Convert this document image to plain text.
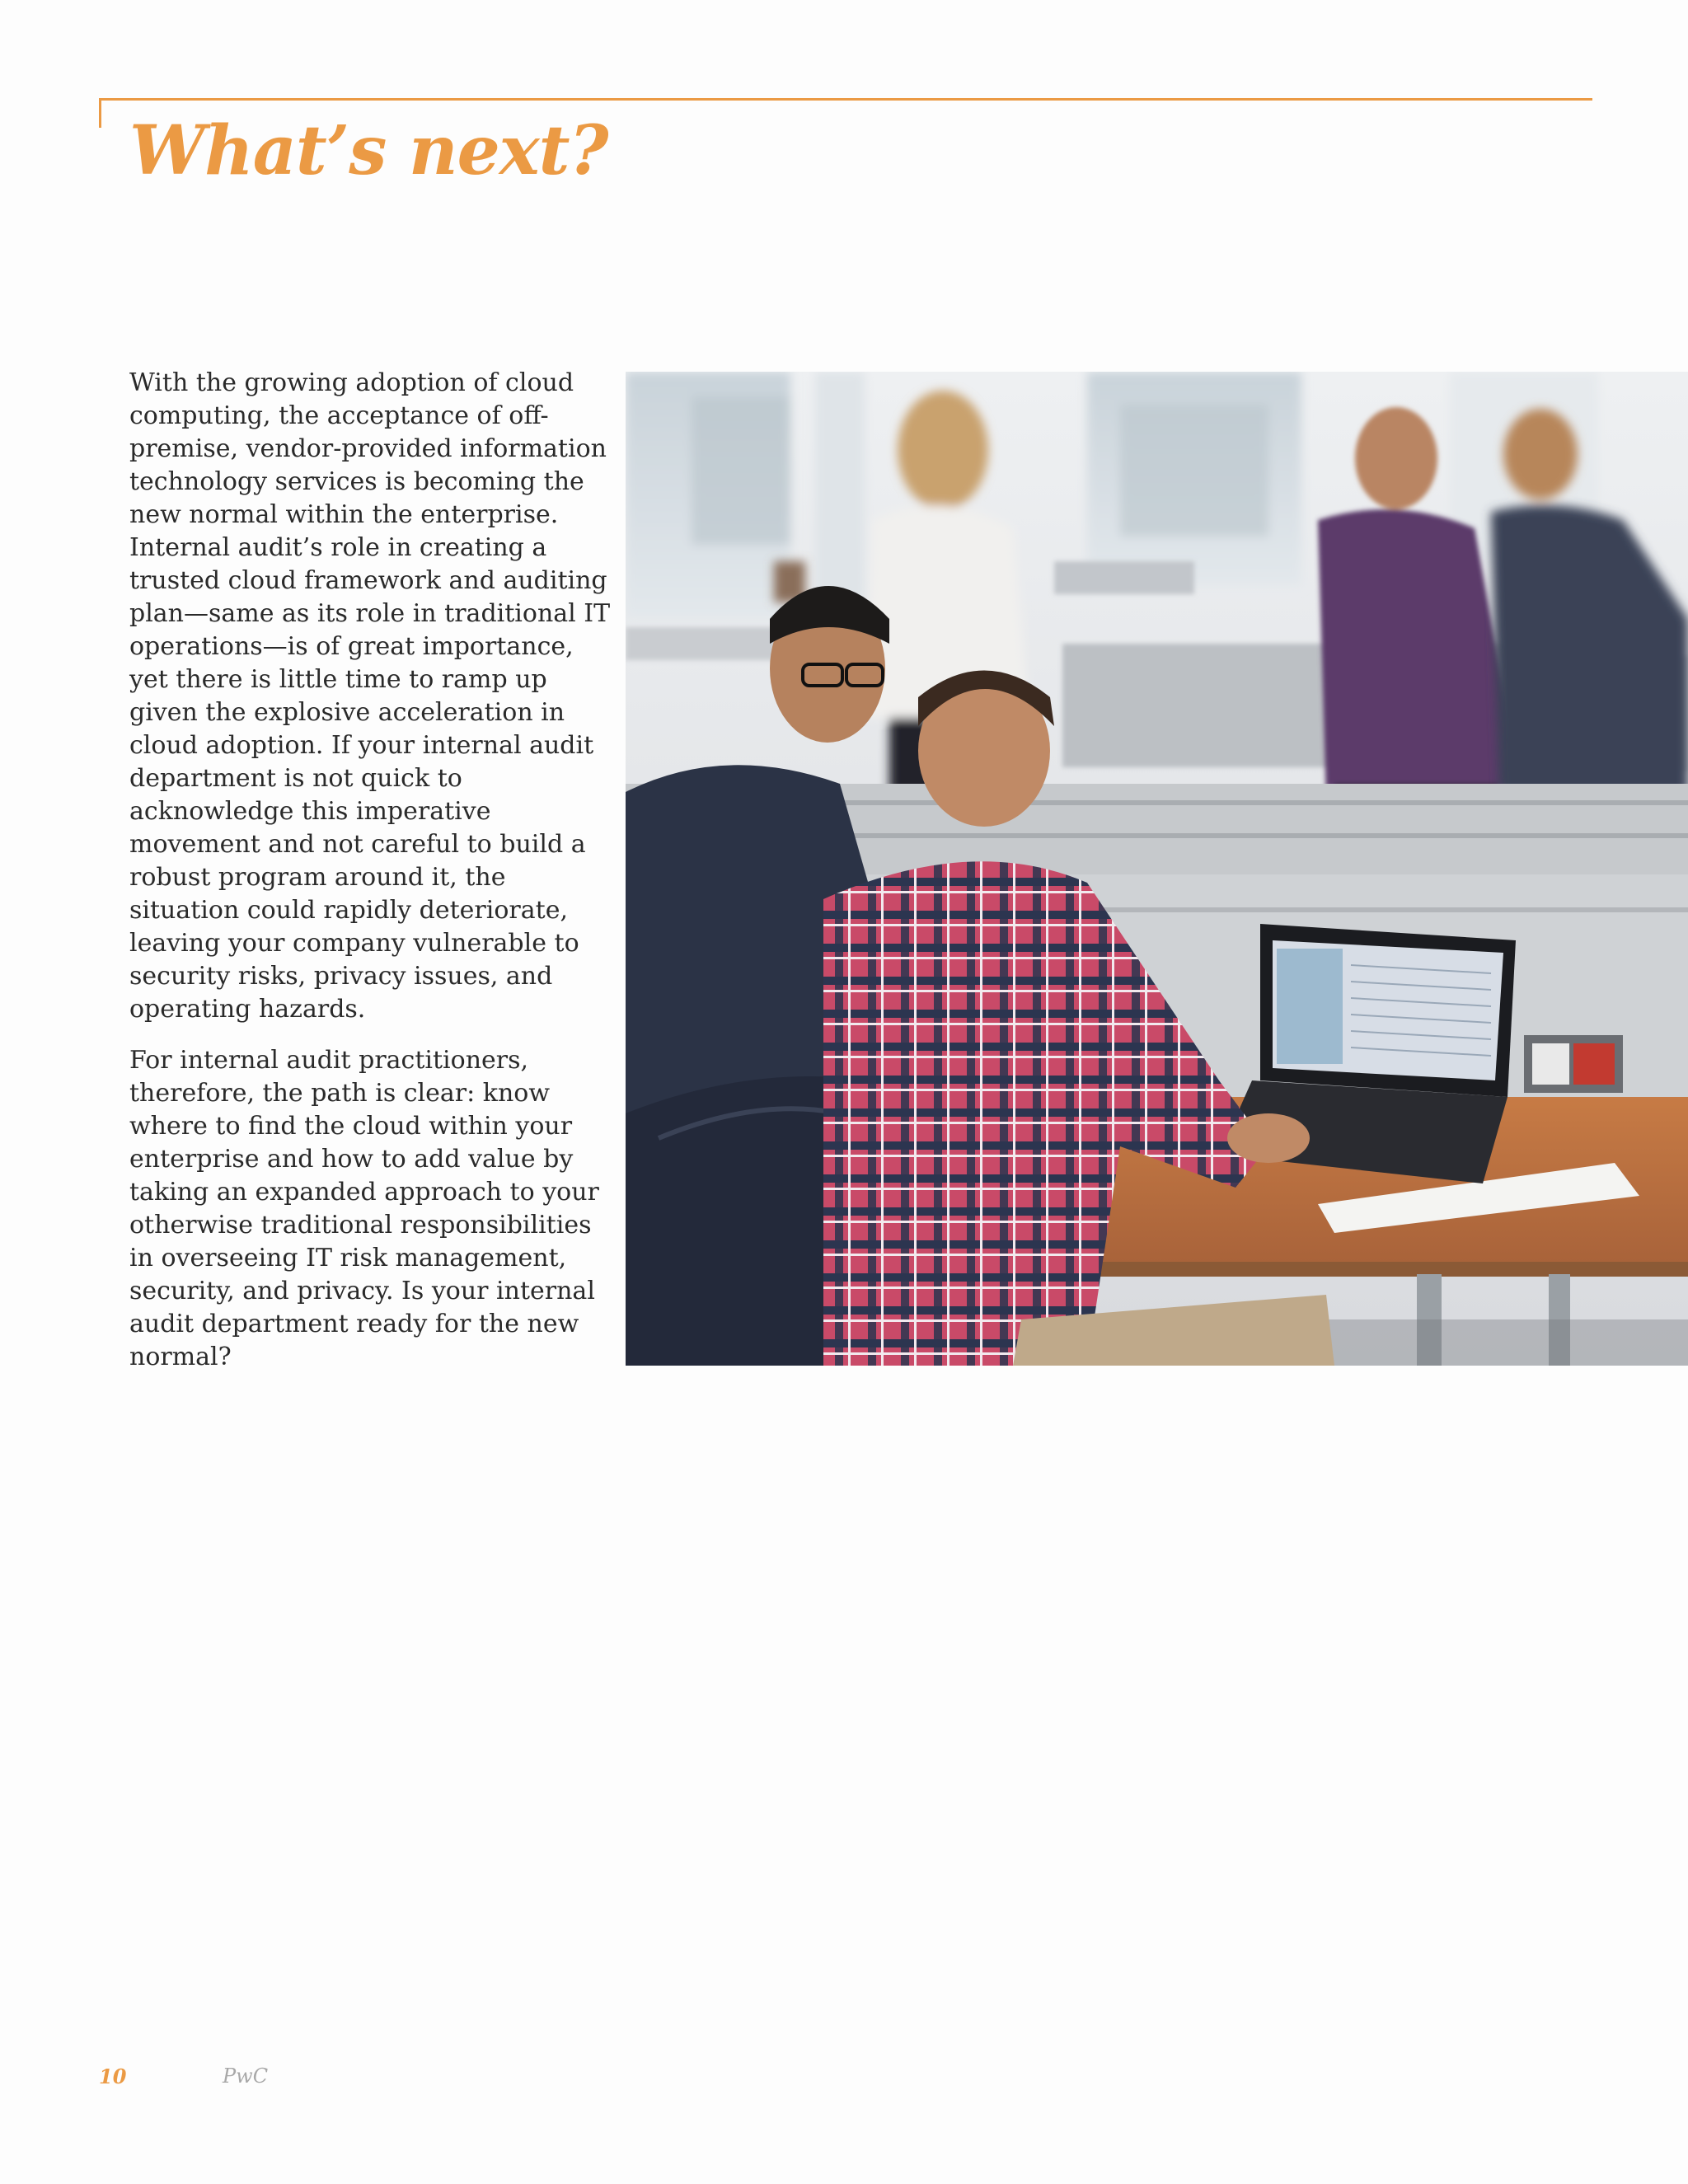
What’s next?

With the growing adoption of cloud computing, the acceptance of off-premise, vendor-provided information technology services is becoming the new normal within the enterprise. Internal audit’s role in creating a trusted cloud framework and auditing plan—same as its role in traditional IT operations—is of great importance, yet there is little time to ramp up given the explosive acceleration in cloud adoption. If your internal audit department is not quick to acknowledge this imperative movement and not careful to build a robust program around it, the situation could rapidly deteriorate, leaving your company vulnerable to security risks, privacy issues, and operating hazards.

For internal audit practitioners, therefore, the path is clear: know where to find the cloud within your enterprise and how to add value by taking an expanded approach to your otherwise traditional responsibilities in overseeing IT risk management, security, and privacy. Is your internal audit department ready for the new normal?

10	PwC
